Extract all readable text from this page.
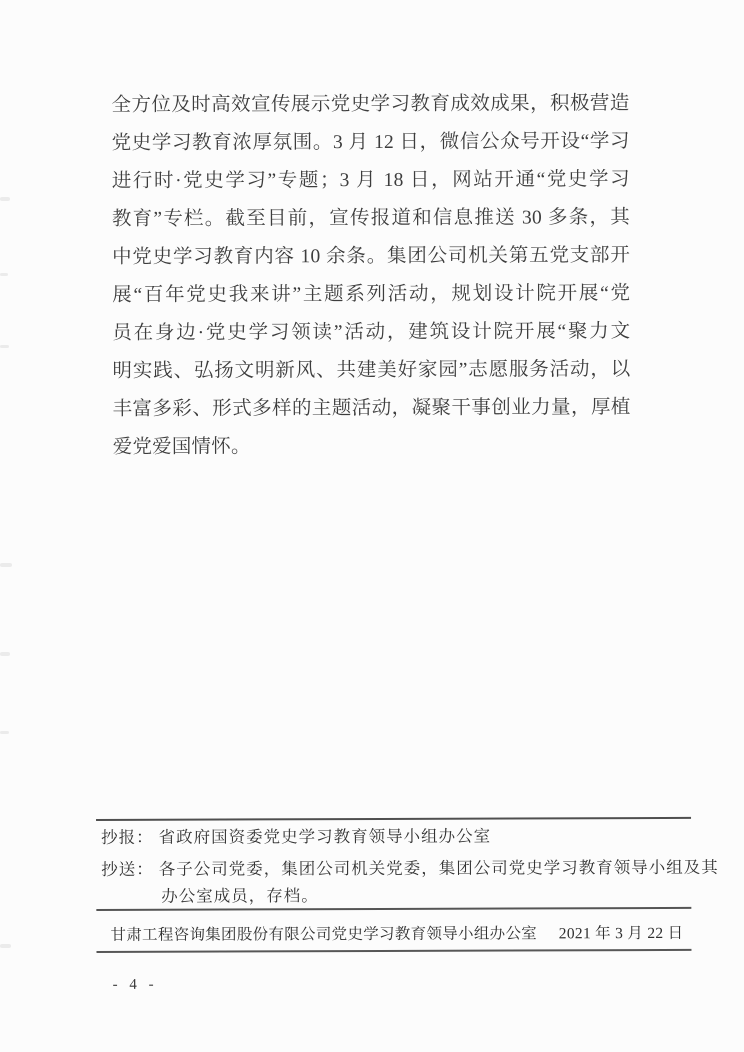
全方位及时高效宣传展示党史学习教育成效成果，积极营造
党史学习教育浓厚氛围。3 月 12 日，微信公众号开设“学习
进行时·党史学习”专题；3 月 18 日，网站开通“党史学习
教育”专栏。截至目前，宣传报道和信息推送 30 多条，其
中党史学习教育内容 10 余条。集团公司机关第五党支部开
展“百年党史我来讲”主题系列活动，规划设计院开展“党
员在身边·党史学习领读”活动，建筑设计院开展“聚力文
明实践、弘扬文明新风、共建美好家园”志愿服务活动，以
丰富多彩、形式多样的主题活动，凝聚干事创业力量，厚植
爱党爱国情怀。
抄报： 省政府国资委党史学习教育领导小组办公室
抄送： 各子公司党委，集团公司机关党委，集团公司党史学习教育领导小组及其
办公室成员，存档。
甘肃工程咨询集团股份有限公司党史学习教育领导小组办公室 2021 年 3 月 22 日
- 4 -
